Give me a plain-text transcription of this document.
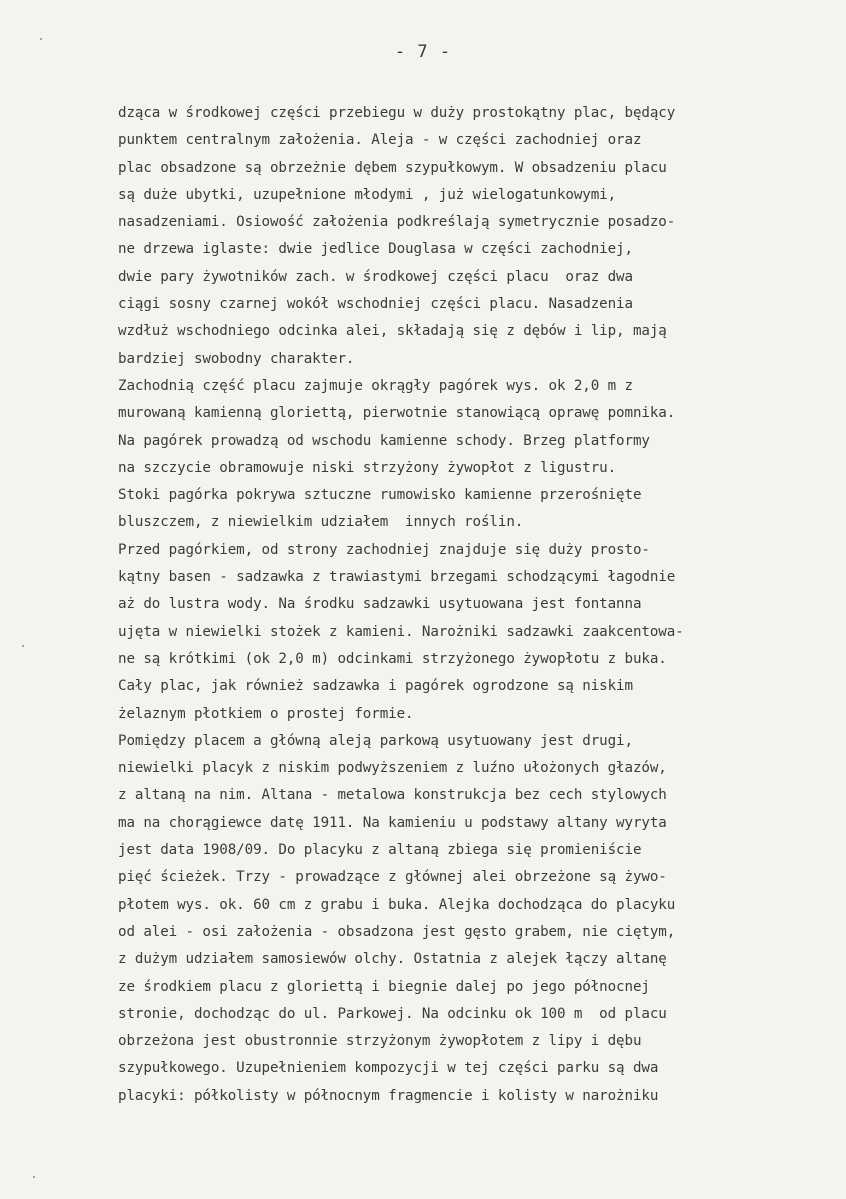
- 7 -
dząca w środkowej części przebiegu w duży prostokątny plac, będący
punktem centralnym założenia. Aleja - w części zachodniej oraz
plac obsadzone są obrzeżnie dębem szypułkowym. W obsadzeniu placu
są duże ubytki, uzupełnione młodymi , już wielogatunkowymi,
nasadzeniami. Osiowość założenia podkreślają symetrycznie posadzo-
ne drzewa iglaste: dwie jedlice Douglasa w części zachodniej,
dwie pary żywotników zach. w środkowej części placu  oraz dwa
ciągi sosny czarnej wokół wschodniej części placu. Nasadzenia
wzdłuż wschodniego odcinka alei, składają się z dębów i lip, mają
bardziej swobodny charakter.
Zachodnią część placu zajmuje okrągły pagórek wys. ok 2,0 m z
murowaną kamienną gloriettą, pierwotnie stanowiącą oprawę pomnika.
Na pagórek prowadzą od wschodu kamienne schody. Brzeg platformy
na szczycie obramowuje niski strzyżony żywopłot z ligustru.
Stoki pagórka pokrywa sztuczne rumowisko kamienne przerośnięte
bluszczem, z niewielkim udziałem  innych roślin.
Przed pagórkiem, od strony zachodniej znajduje się duży prosto-
kątny basen - sadzawka z trawiastymi brzegami schodzącymi łagodnie
aż do lustra wody. Na środku sadzawki usytuowana jest fontanna
ujęta w niewielki stożek z kamieni. Narożniki sadzawki zaakcentowa-
ne są krótkimi (ok 2,0 m) odcinkami strzyżonego żywopłotu z buka.
Cały plac, jak również sadzawka i pagórek ogrodzone są niskim
żelaznym płotkiem o prostej formie.
Pomiędzy placem a główną aleją parkową usytuowany jest drugi,
niewielki placyk z niskim podwyższeniem z luźno ułożonych głazów,
z altaną na nim. Altana - metalowa konstrukcja bez cech stylowych
ma na chorągiewce datę 1911. Na kamieniu u podstawy altany wyryta
jest data 1908/09. Do placyku z altaną zbiega się promieniście
pięć ścieżek. Trzy - prowadzące z głównej alei obrzeżone są żywo-
płotem wys. ok. 60 cm z grabu i buka. Alejka dochodząca do placyku
od alei - osi założenia - obsadzona jest gęsto grabem, nie ciętym,
z dużym udziałem samosiewów olchy. Ostatnia z alejek łączy altanę
ze środkiem placu z gloriettą i biegnie dalej po jego północnej
stronie, dochodząc do ul. Parkowej. Na odcinku ok 100 m  od placu
obrzeżona jest obustronnie strzyżonym żywopłotem z lipy i dębu
szypułkowego. Uzupełnieniem kompozycji w tej części parku są dwa
placyki: półkolisty w północnym fragmencie i kolisty w narożniku
